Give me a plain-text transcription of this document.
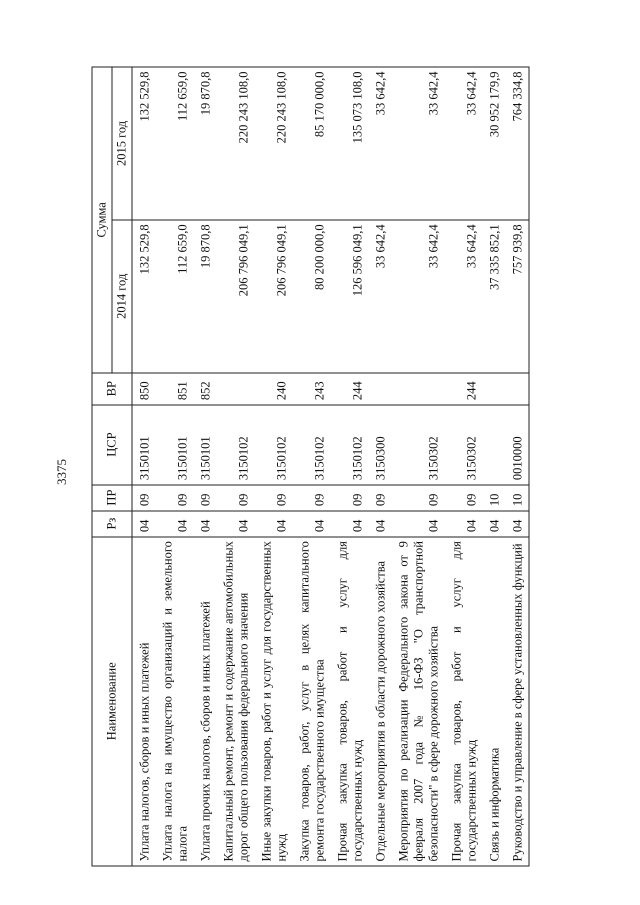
3375
Наименование	Рз	ПР	ЦСР	ВР	Сумма	
					2014 год	2015 год
Уплата налогов, сборов и иных платежей	04	09	3150101	850	132 529,8	132 529,8
Уплата налога на имущество организаций и земельного налога	04	09	3150101	851	112 659,0	112 659,0
Уплата прочих налогов, сборов и иных платежей	04	09	3150101	852	19 870,8	19 870,8
Капитальный ремонт, ремонт и содержание автомобильных дорог общего пользования федерального значения	04	09	3150102		206 796 049,1	220 243 108,0
Иные закупки товаров, работ и услуг для государственных нужд	04	09	3150102	240	206 796 049,1	220 243 108,0
Закупка товаров, работ, услуг в целях капитального ремонта государственного имущества	04	09	3150102	243	80 200 000,0	85 170 000,0
Прочая закупка товаров, работ и услуг для государственных нужд	04	09	3150102	244	126 596 049,1	135 073 108,0
Отдельные мероприятия в области дорожного хозяйства	04	09	3150300		33 642,4	33 642,4
Мероприятия по реализации Федерального закона от 9 февраля 2007 года № 16-ФЗ "О транспортной безопасности" в сфере дорожного хозяйства	04	09	3150302		33 642,4	33 642,4
Прочая закупка товаров, работ и услуг для государственных нужд	04	09	3150302	244	33 642,4	33 642,4
Связь и информатика	04	10			37 335 852,1	30 952 179,9
Руководство и управление в сфере установленных функций	04	10	0010000		757 939,8	764 334,8
